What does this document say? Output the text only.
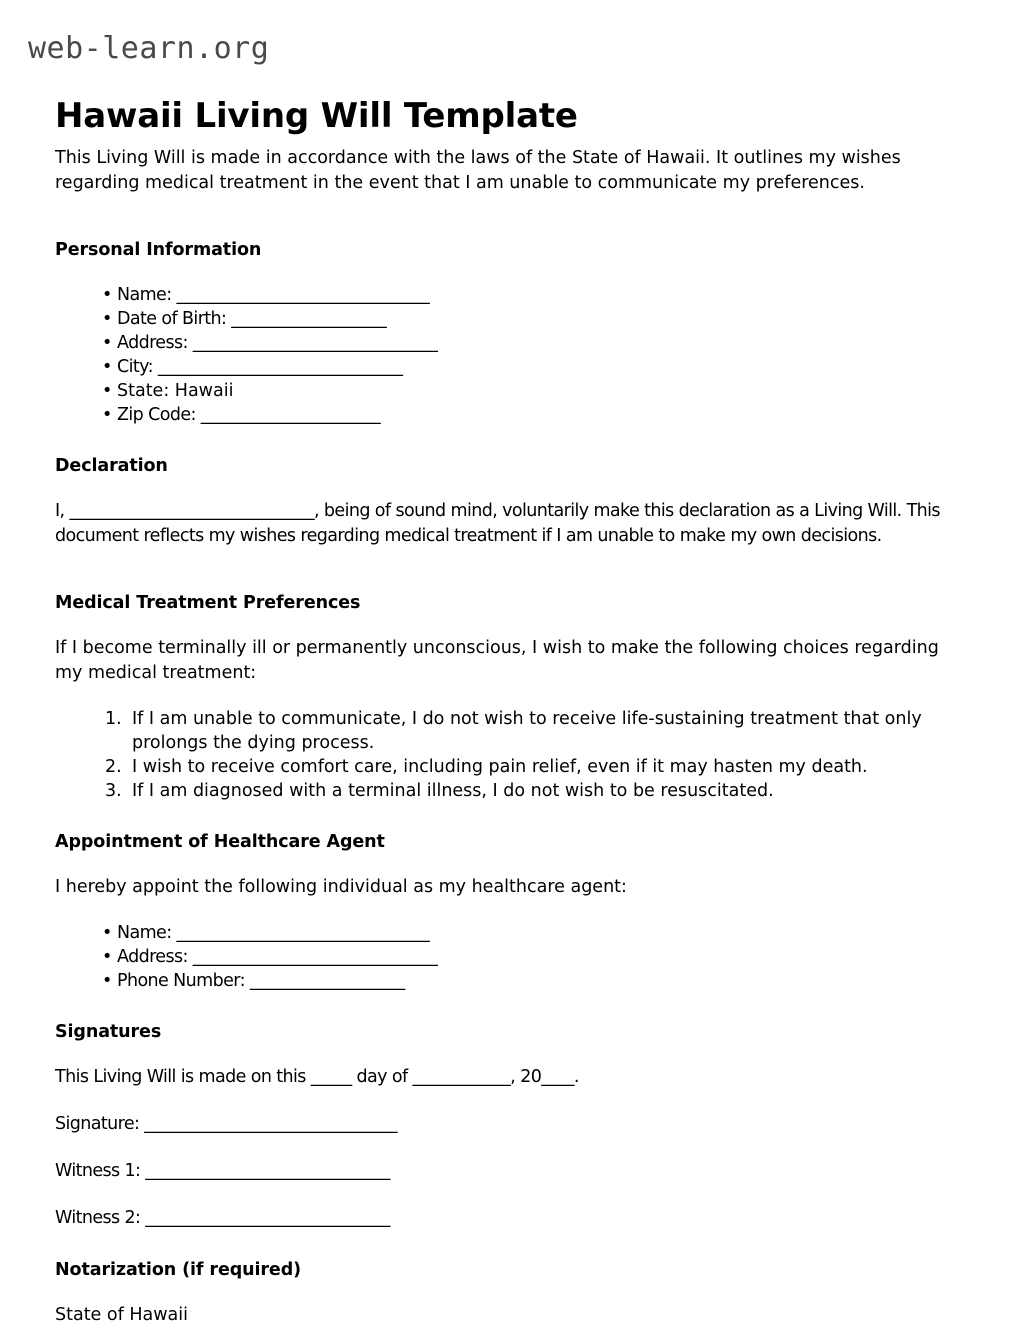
web-learn.org
Hawaii Living Will Template

This Living Will is made in accordance with the laws of the State of Hawaii. It outlines my wishes regarding medical treatment in the event that I am unable to communicate my preferences.

Personal Information
• Name: _______________________________
• Date of Birth: ___________________
• Address: ______________________________
• City: ______________________________
• State: Hawaii
• Zip Code: ______________________
Declaration

I, ______________________________, being of sound mind, voluntarily make this declaration as a Living Will. This document reflects my wishes regarding medical treatment if I am unable to make my own decisions.

Medical Treatment Preferences

If I become terminally ill or permanently unconscious, I wish to make the following choices regarding my medical treatment:

If I am unable to communicate, I do not wish to receive life-sustaining treatment that only prolongs the dying process.
I wish to receive comfort care, including pain relief, even if it may hasten my death.
If I am diagnosed with a terminal illness, I do not wish to be resuscitated.
Appointment of Healthcare Agent

I hereby appoint the following individual as my healthcare agent:

• Name: _______________________________
• Address: ______________________________
• Phone Number: ___________________
Signatures
This Living Will is made on this _____ day of ____________, 20____.
Signature: _______________________________
Witness 1: ______________________________
Witness 2: ______________________________
Notarization (if required)

State of Hawaii
